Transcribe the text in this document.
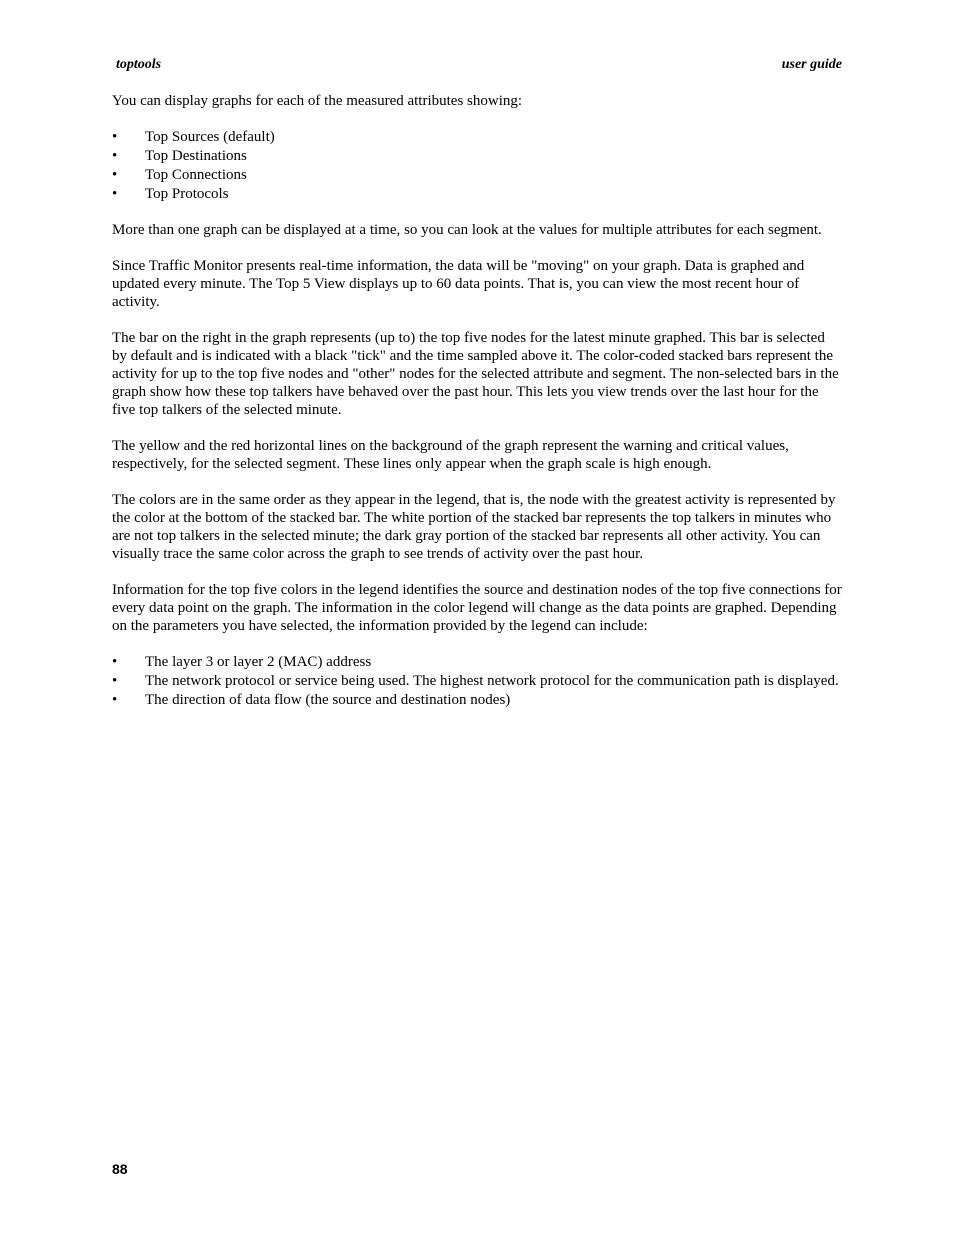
toptools	user guide

You can display graphs for each of the measured attributes showing:

• Top Sources (default)
• Top Destinations
• Top Connections
• Top Protocols

More than one graph can be displayed at a time, so you can look at the values for multiple attributes for each segment.

Since Traffic Monitor presents real-time information, the data will be "moving" on your graph. Data is graphed and updated every minute. The Top 5 View displays up to 60 data points. That is, you can view the most recent hour of activity.

The bar on the right in the graph represents (up to) the top five nodes for the latest minute graphed. This bar is selected by default and is indicated with a black "tick" and the time sampled above it. The color-coded stacked bars represent the activity for up to the top five nodes and "other" nodes for the selected attribute and segment. The non-selected bars in the graph show how these top talkers have behaved over the past hour. This lets you view trends over the last hour for the five top talkers of the selected minute.

The yellow and the red horizontal lines on the background of the graph represent the warning and critical values, respectively, for the selected segment. These lines only appear when the graph scale is high enough.

The colors are in the same order as they appear in the legend, that is, the node with the greatest activity is represented by the color at the bottom of the stacked bar. The white portion of the stacked bar represents the top talkers in minutes who are not top talkers in the selected minute; the dark gray portion of the stacked bar represents all other activity. You can visually trace the same color across the graph to see trends of activity over the past hour.

Information for the top five colors in the legend identifies the source and destination nodes of the top five connections for every data point on the graph. The information in the color legend will change as the data points are graphed. Depending on the parameters you have selected, the information provided by the legend can include:

• The layer 3 or layer 2 (MAC) address
• The network protocol or service being used. The highest network protocol for the communication path is displayed.
• The direction of data flow (the source and destination nodes)
88
